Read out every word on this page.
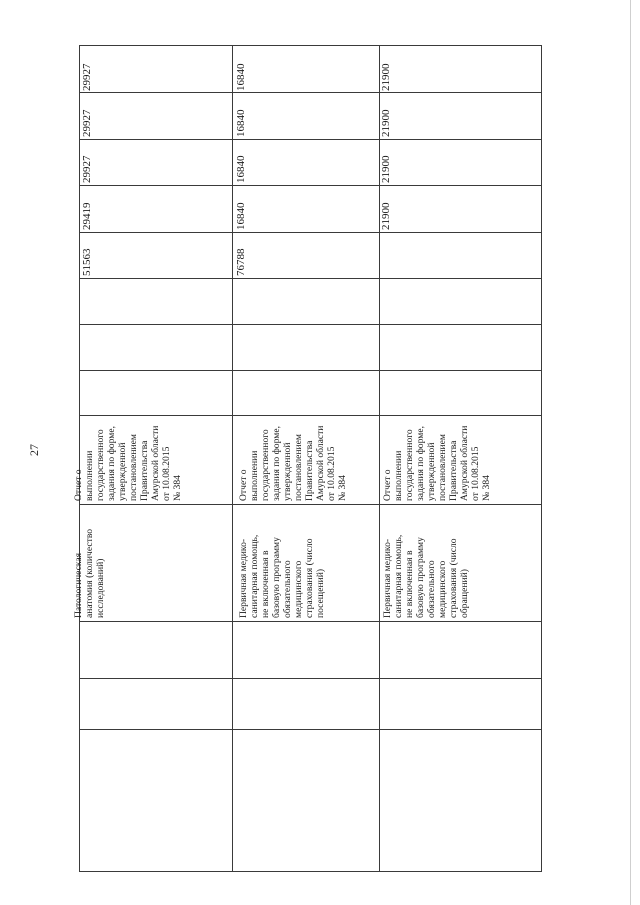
27
Патологическая
анатомия (количество
исследований)
Отчет о
выполнении
государственного
задания по форме,
утвержденной
постановлением
Правительства
Амурской области
от 10.08.2015
№ 384
51563
29419
29927
29927
29927
Первичная медико-
санитарная помощь,
не включенная в
базовую программу
обязательного
медицинского
страхования (число
посещений)
Отчет о
выполнении
государственного
задания по форме,
утвержденной
постановлением
Правительства
Амурской области
от 10.08.2015
№ 384
76788
16840
16840
16840
16840
Первичная медико-
санитарная помощь,
не включенная в
базовую программу
обязательного
медицинского
страхования (число
обращений)
Отчет о
выполнении
государственного
задания по форме,
утвержденной
постановлением
Правительства
Амурской области
от 10.08.2015
№ 384
21900
21900
21900
21900
